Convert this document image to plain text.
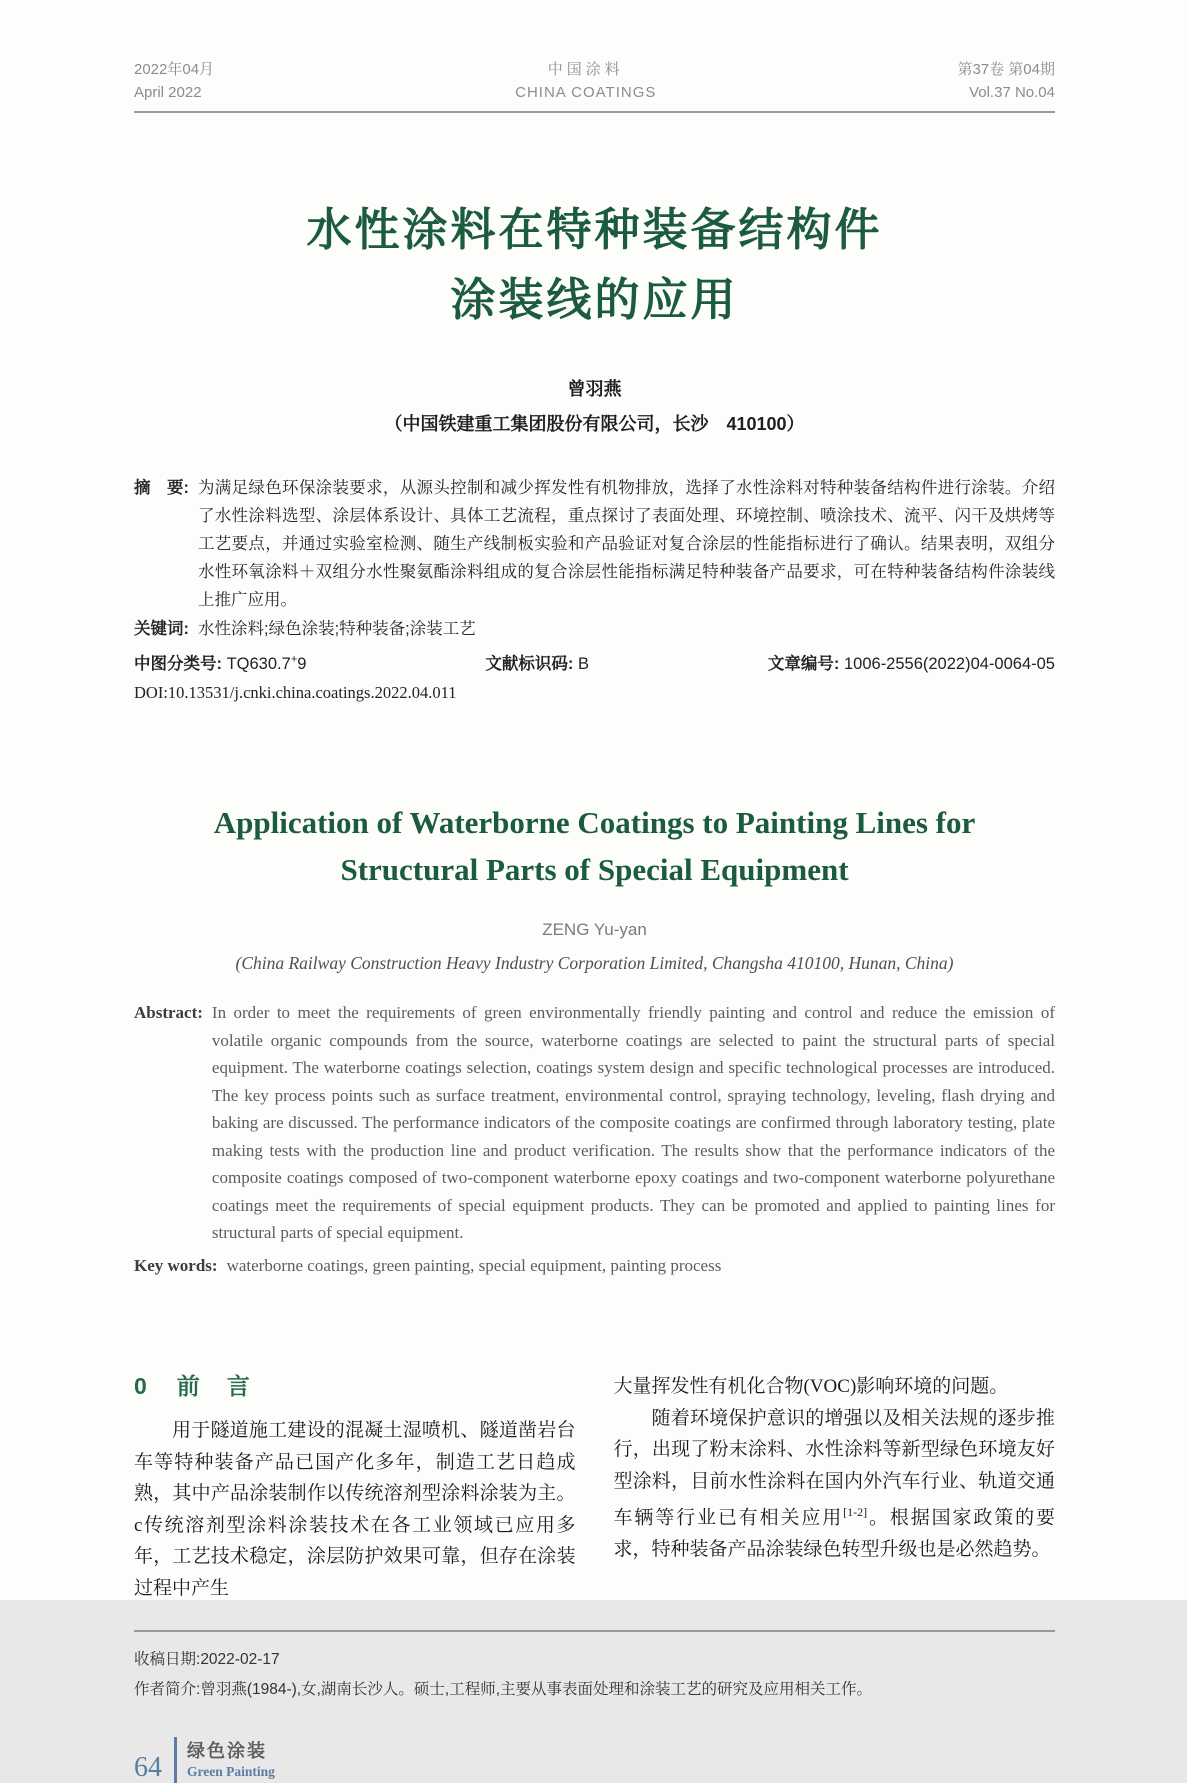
2022年04月
April 2022
中国涂料
CHINA COATINGS
第37卷 第04期
Vol.37 No.04
水性涂料在特种装备结构件
涂装线的应用
曾羽燕
（中国铁建重工集团股份有限公司，长沙　410100）
摘　要: 为满足绿色环保涂装要求，从源头控制和减少挥发性有机物排放，选择了水性涂料对特种装备结构件进行涂装。介绍了水性涂料选型、涂层体系设计、具体工艺流程，重点探讨了表面处理、环境控制、喷涂技术、流平、闪干及烘烤等工艺要点，并通过实验室检测、随生产线制板实验和产品验证对复合涂层的性能指标进行了确认。结果表明，双组分水性环氧涂料＋双组分水性聚氨酯涂料组成的复合涂层性能指标满足特种装备产品要求，可在特种装备结构件涂装线上推广应用。

关键词: 水性涂料;绿色涂装;特种装备;涂装工艺
中图分类号: TQ630.7+9	文献标识码: B	文章编号: 1006-2556(2022)04-0064-05
DOI:10.13531/j.cnki.china.coatings.2022.04.011
Application of Waterborne Coatings to Painting Lines for
Structural Parts of Special Equipment
ZENG Yu-yan
(China Railway Construction Heavy Industry Corporation Limited, Changsha 410100, Hunan, China)
Abstract: In order to meet the requirements of green environmentally friendly painting and control and reduce the emission of volatile organic compounds from the source, waterborne coatings are selected to paint the structural parts of special equipment. The waterborne coatings selection, coatings system design and specific technological processes are introduced. The key process points such as surface treatment, environmental control, spraying technology, leveling, flash drying and baking are discussed. The performance indicators of the composite coatings are confirmed through laboratory testing, plate making tests with the production line and product verification. The results show that the performance indicators of the composite coatings composed of two-component waterborne epoxy coatings and two-component waterborne polyurethane coatings meet the requirements of special equipment products. They can be promoted and applied to painting lines for structural parts of special equipment.

Key words: waterborne coatings, green painting, special equipment, painting process
0 前　言

用于隧道施工建设的混凝土湿喷机、隧道凿岩台车等特种装备产品已国产化多年，制造工艺日趋成熟，其中产品涂装制作以传统溶剂型涂料涂装为主。c传统溶剂型涂料涂装技术在各工业领域已应用多年，工艺技术稳定，涂层防护效果可靠，但存在涂装过程中产生

大量挥发性有机化合物(VOC)影响环境的问题。

随着环境保护意识的增强以及相关法规的逐步推行，出现了粉末涂料、水性涂料等新型绿色环境友好型涂料，目前水性涂料在国内外汽车行业、轨道交通车辆等行业已有相关应用[1-2]。根据国家政策的要求，特种装备产品涂装绿色转型升级也是必然趋势。

收稿日期:2022-02-17
作者简介:曾羽燕(1984-),女,湖南长沙人。硕士,工程师,主要从事表面处理和涂装工艺的研究及应用相关工作。
64
绿色涂装
Green Painting
